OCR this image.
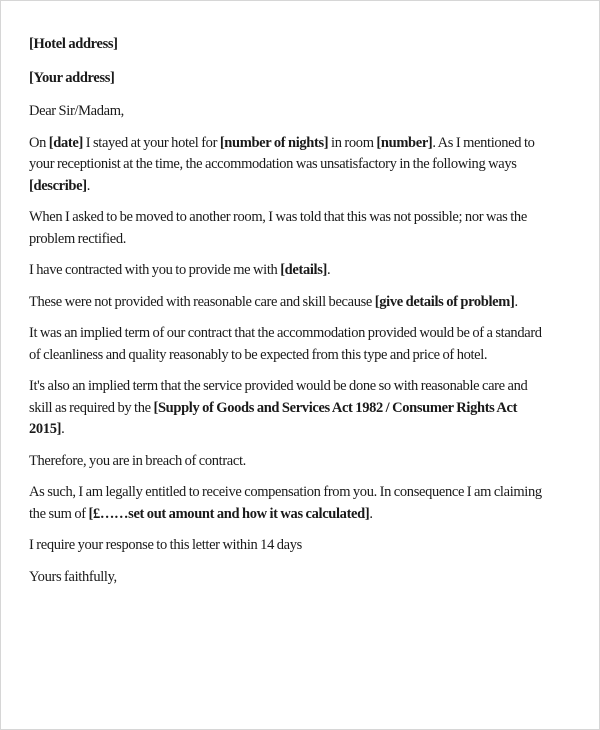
[Hotel address]

[Your address]

Dear Sir/Madam,

On [date] I stayed at your hotel for [number of nights] in room [number]. As I mentioned to your receptionist at the time, the accommodation was unsatisfactory in the following ways [describe].

When I asked to be moved to another room, I was told that this was not possible; nor was the problem rectified.

I have contracted with you to provide me with [details].

These were not provided with reasonable care and skill because [give details of problem].

It was an implied term of our contract that the accommodation provided would be of a standard of cleanliness and quality reasonably to be expected from this type and price of hotel.

It's also an implied term that the service provided would be done so with reasonable care and skill as required by the [Supply of Goods and Services Act 1982 / Consumer Rights Act 2015].

Therefore, you are in breach of contract.

As such, I am legally entitled to receive compensation from you. In consequence I am claiming the sum of [£……set out amount and how it was calculated].

I require your response to this letter within 14 days

Yours faithfully,
